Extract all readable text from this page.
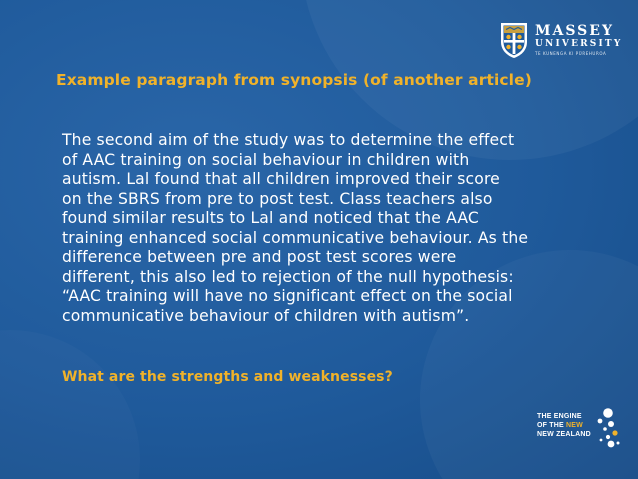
MASSEY
UNIVERSITY
TE KUNENGA KI PŪREHUROA
Example paragraph from synopsis (of another article)

The second aim of the study was to determine the effect
of AAC training on social behaviour in children with
autism. Lal found that all children improved their score
on the SBRS from pre to post test. Class teachers also
found similar results to Lal and noticed that the AAC
training enhanced social communicative behaviour. As the
difference between pre and post test scores were
different, this also led to rejection of the null hypothesis:
“AAC training will have no significant effect on the social
communicative behaviour of children with autism”.

What are the strengths and weaknesses?

THE ENGINE
OF THE NEW
NEW ZEALAND
